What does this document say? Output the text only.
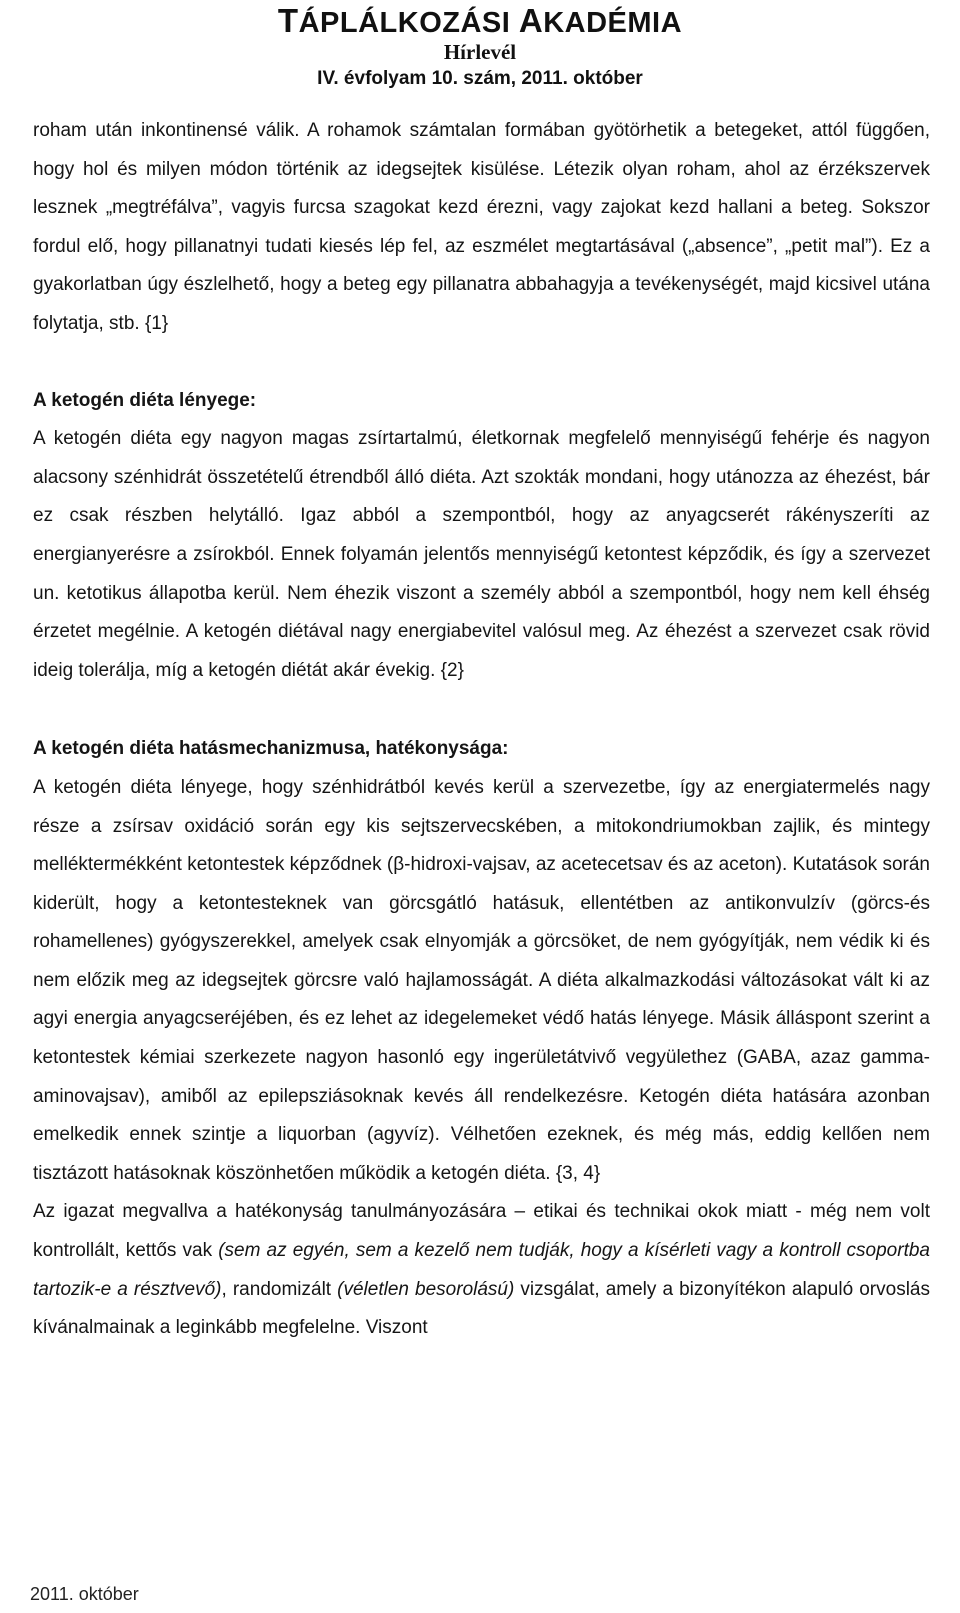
TÁPLÁLKOZÁSI AKADÉMIA
Hírlevél
IV. évfolyam 10. szám, 2011. október

roham után inkontinensé válik. A rohamok számtalan formában gyötörhetik a betegeket, attól függően, hogy hol és milyen módon történik az idegsejtek kisülése. Létezik olyan roham, ahol az érzékszervek lesznek „megtréfálva”, vagyis furcsa szagokat kezd érezni, vagy zajokat kezd hallani a beteg. Sokszor fordul elő, hogy pillanatnyi tudati kiesés lép fel, az eszmélet megtartásával („absence”, „petit mal”). Ez a gyakorlatban úgy észlelhető, hogy a beteg egy pillanatra abbahagyja a tevékenységét, majd kicsivel utána folytatja, stb. {1}

A ketogén diéta lényege:

A ketogén diéta egy nagyon magas zsírtartalmú, életkornak megfelelő mennyiségű fehérje és nagyon alacsony szénhidrát összetételű étrendből álló diéta. Azt szokták mondani, hogy utánozza az éhezést, bár ez csak részben helytálló. Igaz abból a szempontból, hogy az anyagcserét rákényszeríti az energianyerésre a zsírokból. Ennek folyamán jelentős mennyiségű ketontest képződik, és így a szervezet un. ketotikus állapotba kerül. Nem éhezik viszont a személy abból a szempontból, hogy nem kell éhség érzetet megélnie. A ketogén diétával nagy energiabevitel valósul meg. Az éhezést a szervezet csak rövid ideig tolerálja, míg a ketogén diétát akár évekig. {2}

A ketogén diéta hatásmechanizmusa, hatékonysága:

A ketogén diéta lényege, hogy szénhidrátból kevés kerül a szervezetbe, így az energiatermelés nagy része a zsírsav oxidáció során egy kis sejtszervecskében, a mitokondriumokban zajlik, és mintegy melléktermékként ketontestek képződnek (β-hidroxi-vajsav, az acetecetsav és az aceton). Kutatások során kiderült, hogy a ketontesteknek van görcsgátló hatásuk, ellentétben az antikonvulzív (görcs-és rohamellenes) gyógyszerekkel, amelyek csak elnyomják a görcsöket, de nem gyógyítják, nem védik ki és nem előzik meg az idegsejtek görcsre való hajlamosságát. A diéta alkalmazkodási változásokat vált ki az agyi energia anyagcseréjében, és ez lehet az idegelemeket védő hatás lényege. Másik álláspont szerint a ketontestek kémiai szerkezete nagyon hasonló egy ingerületátvivő vegyülethez (GABA, azaz gamma-aminovajsav), amiből az epilepsziásoknak kevés áll rendelkezésre. Ketogén diéta hatására azonban emelkedik ennek szintje a liquorban (agyvíz). Vélhetően ezeknek, és még más, eddig kellően nem tisztázott hatásoknak köszönhetően működik a ketogén diéta. {3, 4}

Az igazat megvallva a hatékonyság tanulmányozására – etikai és technikai okok miatt - még nem volt kontrollált, kettős vak (sem az egyén, sem a kezelő nem tudják, hogy a kísérleti vagy a kontroll csoportba tartozik-e a résztvevő), randomizált (véletlen besorolású) vizsgálat, amely a bizonyítékon alapuló orvoslás kívánalmainak a leginkább megfelelne. Viszont

2011. október
